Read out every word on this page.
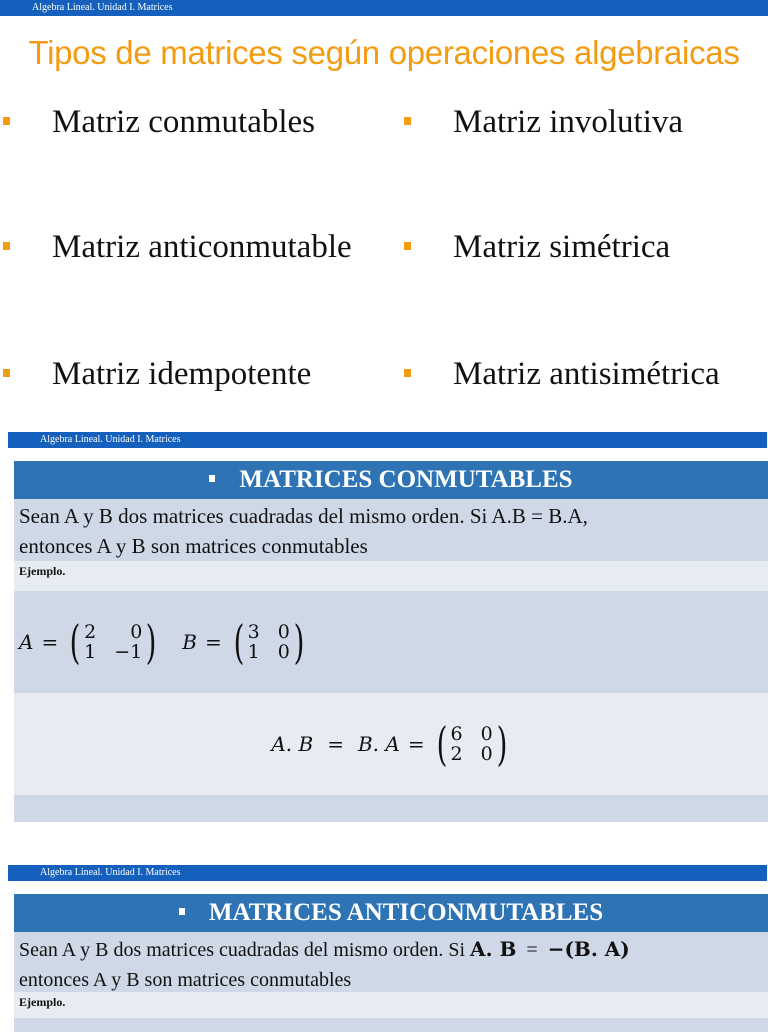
Algebra Lineal. Unidad I. Matrices
Tipos de matrices según operaciones algebraicas
Matriz conmutables	Matriz involutiva
Matriz anticonmutable	Matriz simétrica
Matriz idempotente	Matriz antisimétrica
Algebra Lineal. Unidad I. Matrices
MATRICES CONMUTABLES
Sean A y B dos matrices cuadradas del mismo orden. Si A.B = B.A,
entonces A y B son matrices conmutables
Ejemplo.
A = ( 2	0
1 −1 ) B = ( 3 0
1 0 )
A. B = B. A = ( 6 0
2 0 )
Algebra Lineal. Unidad I. Matrices
MATRICES ANTICONMUTABLES
Sean A y B dos matrices cuadradas del mismo orden. Si A. B = −(B. A)
entonces A y B son matrices conmutables
Ejemplo.
